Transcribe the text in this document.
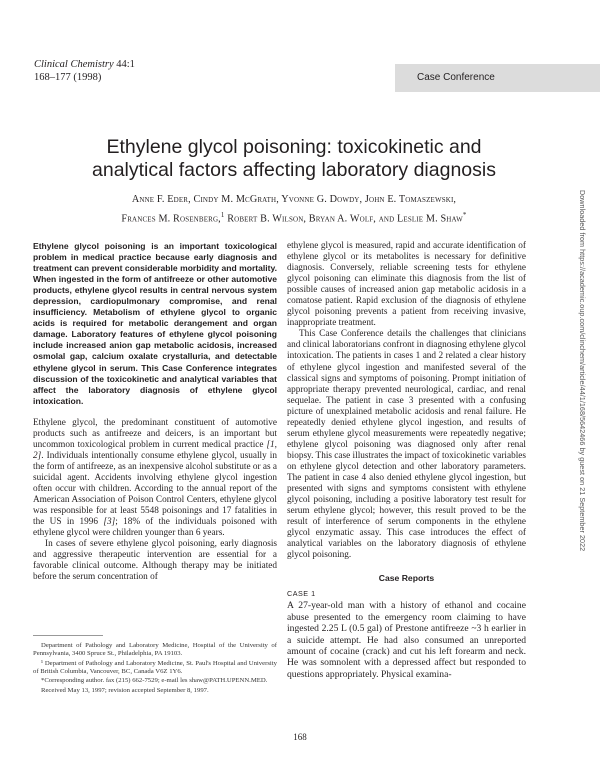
Clinical Chemistry 44:1
168–177 (1998)	Case Conference
Ethylene glycol poisoning: toxicokinetic and
analytical factors affecting laboratory diagnosis
Anne F. Eder, Cindy M. McGrath, Yvonne G. Dowdy, John E. Tomaszewski,
Frances M. Rosenberg,$^1$ Robert B. Wilson, Bryan A. Wolf, and Leslie M. Shaw*	Downloaded from https://academic.oup.com/clinchem/article/44/1/168/5642466 by guest on 21 September 2022

Ethylene glycol poisoning is an important toxicological problem in medical practice because early diagnosis and treatment can prevent considerable morbidity and mortality. When ingested in the form of antifreeze or other automotive products, ethylene glycol results in central nervous system depression, cardiopulmonary compromise, and renal insufficiency. Metabolism of ethylene glycol to organic acids is required for metabolic derangement and organ damage. Laboratory features of ethylene glycol poisoning include increased anion gap metabolic acidosis, increased osmolal gap, calcium oxalate crystalluria, and detectable ethylene glycol in serum. This Case Conference integrates discussion of the toxicokinetic and analytical variables that affect the laboratory diagnosis of ethylene glycol intoxication.

Ethylene glycol, the predominant constituent of automotive products such as antifreeze and deicers, is an important but uncommon toxicological problem in current medical practice [1, 2]. Individuals intentionally consume ethylene glycol, usually in the form of antifreeze, as an inexpensive alcohol substitute or as a suicidal agent. Accidents involving ethylene glycol ingestion often occur with children. According to the annual report of the American Association of Poison Control Centers, ethylene glycol was responsible for at least 5548 poisonings and 17 fatalities in the US in 1996 [3]; 18% of the individuals poisoned with ethylene glycol were children younger than 6 years.

In cases of severe ethylene glycol poisoning, early diagnosis and aggressive therapeutic intervention are essential for a favorable clinical outcome. Although therapy may be initiated before the serum concentration of

Department of Pathology and Laboratory Medicine, Hospital of the University of Pennsylvania, 3400 Spruce St., Philadelphia, PA 19103.

¹ Department of Pathology and Laboratory Medicine, St. Paul's Hospital and University of British Columbia, Vancouver, BC, Canada V6Z 1Y6.

*Corresponding author. fax (215) 662-7529; e-mail les shaw@PATH.UPENN.MED.

Received May 13, 1997; revision accepted September 8, 1997.

ethylene glycol is measured, rapid and accurate identification of ethylene glycol or its metabolites is necessary for definitive diagnosis. Conversely, reliable screening tests for ethylene glycol poisoning can eliminate this diagnosis from the list of possible causes of increased anion gap metabolic acidosis in a comatose patient. Rapid exclusion of the diagnosis of ethylene glycol poisoning prevents a patient from receiving invasive, inappropriate treatment.

This Case Conference details the challenges that clinicians and clinical laboratorians confront in diagnosing ethylene glycol intoxication. The patients in cases 1 and 2 related a clear history of ethylene glycol ingestion and manifested several of the classical signs and symptoms of poisoning. Prompt initiation of appropriate therapy prevented neurological, cardiac, and renal sequelae. The patient in case 3 presented with a confusing picture of unexplained metabolic acidosis and renal failure. He repeatedly denied ethylene glycol ingestion, and results of serum ethylene glycol measurements were repeatedly negative; ethylene glycol poisoning was diagnosed only after renal biopsy. This case illustrates the impact of toxicokinetic variables on ethylene glycol detection and other laboratory parameters. The patient in case 4 also denied ethylene glycol ingestion, but presented with signs and symptoms consistent with ethylene glycol poisoning, including a positive laboratory test result for serum ethylene glycol; however, this result proved to be the result of interference of serum components in the ethylene glycol enzymatic assay. This case introduces the effect of analytical variables on the laboratory diagnosis of ethylene glycol poisoning.

Case Reports
CASE 1

A 27-year-old man with a history of ethanol and cocaine abuse presented to the emergency room claiming to have ingested 2.25 L (0.5 gal) of Prestone antifreeze ~3 h earlier in a suicide attempt. He had also consumed an unreported amount of cocaine (crack) and cut his left forearm and neck. He was somnolent with a depressed affect but responded to questions appropriately. Physical examina-

168
